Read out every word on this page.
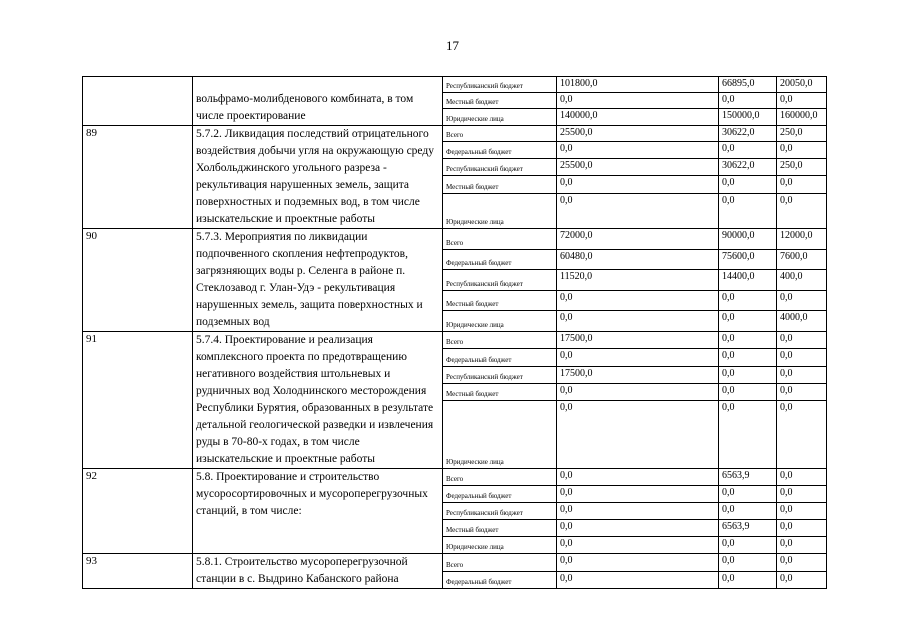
17
	вольфрамо-молибденового комбината, в том числе проектирование	Республиканский бюджет	101800,0	66895,0	20050,0
		Местный бюджет	0,0	0,0	0,0
		Юридические лица	140000,0	150000,0	160000,0
89	5.7.2. Ликвидация последствий отрицательного воздействия добычи угля на окружающую среду Холбольджинского угольного разреза - рекультивация нарушенных земель, защита поверхностных и подземных вод, в том числе изыскательские и проектные работы	Всего	25500,0	30622,0	250,0
		Федеральный бюджет	0,0	0,0	0,0
		Республиканский бюджет	25500,0	30622,0	250,0
		Местный бюджет	0,0	0,0	0,0
		Юридические лица	0,0	0,0	0,0
90	5.7.3. Мероприятия по ликвидации подпочвенного скопления нефтепродуктов, загрязняющих воды р. Селенга в районе п. Стеклозавод г. Улан-Удэ - рекультивация нарушенных земель, защита поверхностных и подземных вод	Всего	72000,0	90000,0	12000,0
		Федеральный бюджет	60480,0	75600,0	7600,0
		Республиканский бюджет	11520,0	14400,0	400,0
		Местный бюджет	0,0	0,0	0,0
		Юридические лица	0,0	0,0	4000,0
91	5.7.4. Проектирование и реализация комплексного проекта по предотвращению негативного воздействия штольневых и рудничных вод Холоднинского месторождения Республики Бурятия, образованных в результате детальной геологической разведки и извлечения руды в 70-80-х годах, в том числе изыскательские и проектные работы	Всего	17500,0	0,0	0,0
		Федеральный бюджет	0,0	0,0	0,0
		Республиканский бюджет	17500,0	0,0	0,0
		Местный бюджет	0,0	0,0	0,0
		Юридические лица	0,0	0,0	0,0
92	5.8. Проектирование и строительство мусоросортировочных и мусороперегрузочных станций, в том числе:	Всего	0,0	6563,9	0,0
		Федеральный бюджет	0,0	0,0	0,0
		Республиканский бюджет	0,0	0,0	0,0
		Местный бюджет	0,0	6563,9	0,0
		Юридические лица	0,0	0,0	0,0
93	5.8.1. Строительство мусороперегрузочной станции в с. Выдрино Кабанского района	Всего	0,0	0,0	0,0
		Федеральный бюджет	0,0	0,0	0,0
